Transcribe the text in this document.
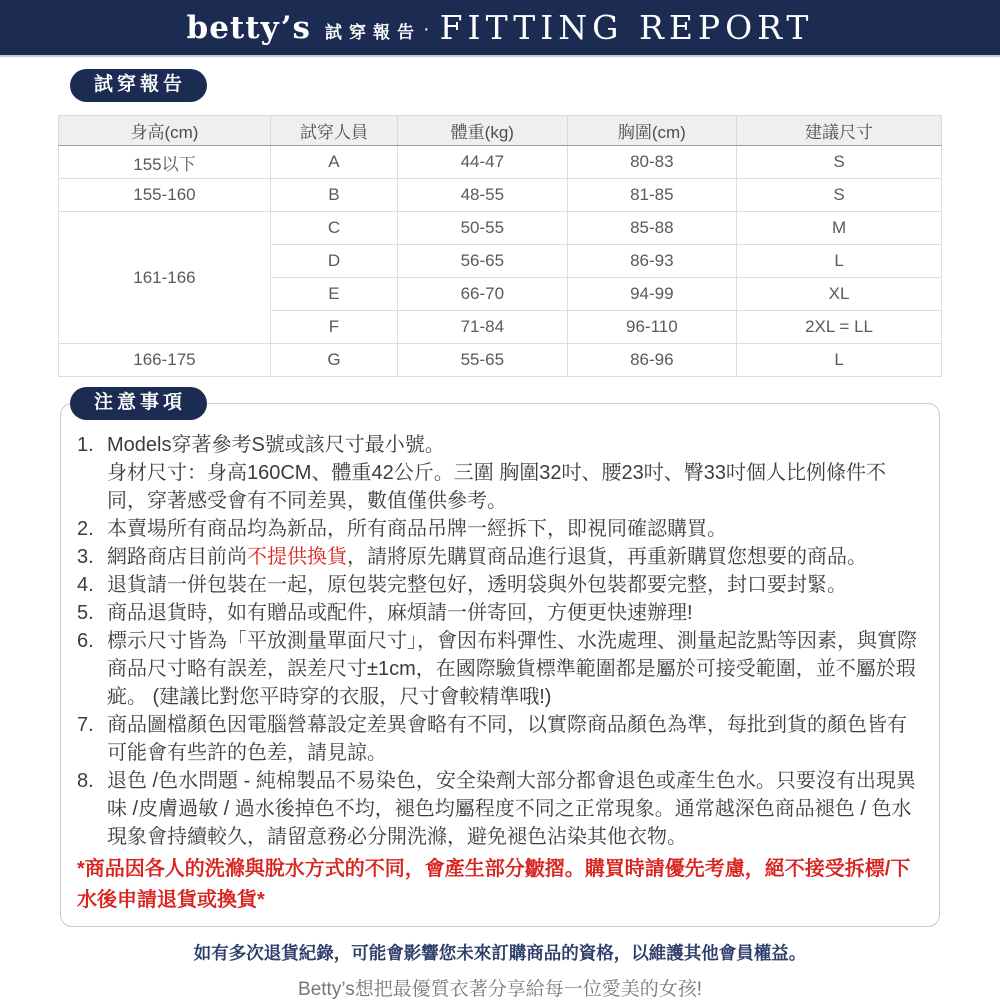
betty’s 試穿報告 · FITTING REPORT
試穿報告
身高(cm)	試穿人員	體重(kg)	胸圍(cm)	建議尺寸
155以下	A	44-47	80-83	S
155-160	B	48-55	81-85	S
161-166	C	50-55	85-88	M
	D	56-65	86-93	L
	E	66-70	94-99	XL
	F	71-84	96-110	2XL = LL
166-175	G	55-65	86-96	L
注意事項
1. Models穿著參考S號或該尺寸最小號。
身材尺寸：身高160CM、體重42公斤。三圍 胸圍32吋、腰23吋、臀33吋個人比例條件不同，穿著感受會有不同差異，數值僅供參考。
2. 本賣場所有商品均為新品，所有商品吊牌一經拆下，即視同確認購買。
3. 網路商店目前尚不提供換貨，請將原先購買商品進行退貨，再重新購買您想要的商品。
4. 退貨請一併包裝在一起，原包裝完整包好，透明袋與外包裝都要完整，封口要封緊。
5. 商品退貨時，如有贈品或配件，麻煩請一併寄回，方便更快速辦理!
6. 標示尺寸皆為「平放測量單面尺寸」，會因布料彈性、水洗處理、測量起訖點等因素，與實際商品尺寸略有誤差，誤差尺寸±1cm，在國際驗貨標準範圍都是屬於可接受範圍，並不屬於瑕疵。 (建議比對您平時穿的衣服，尺寸會較精準哦!)
7. 商品圖檔顏色因電腦營幕設定差異會略有不同，以實際商品顏色為準，每批到貨的顏色皆有可能會有些許的色差，請見諒。
8. 退色 /色水問題 - 純棉製品不易染色，安全染劑大部分都會退色或產生色水。只要沒有出現異味 /皮膚過敏 / 過水後掉色不均，褪色均屬程度不同之正常現象。通常越深色商品褪色 / 色水現象會持續較久，請留意務必分開洗滌，避免褪色沾染其他衣物。
*商品因各人的洗滌與脫水方式的不同，會產生部分皺摺。購買時請優先考慮，絕不接受拆標/下水後申請退貨或換貨*
如有多次退貨紀錄，可能會影響您未來訂購商品的資格，以維護其他會員權益。
Betty’s想把最優質衣著分享給每一位愛美的女孩!
